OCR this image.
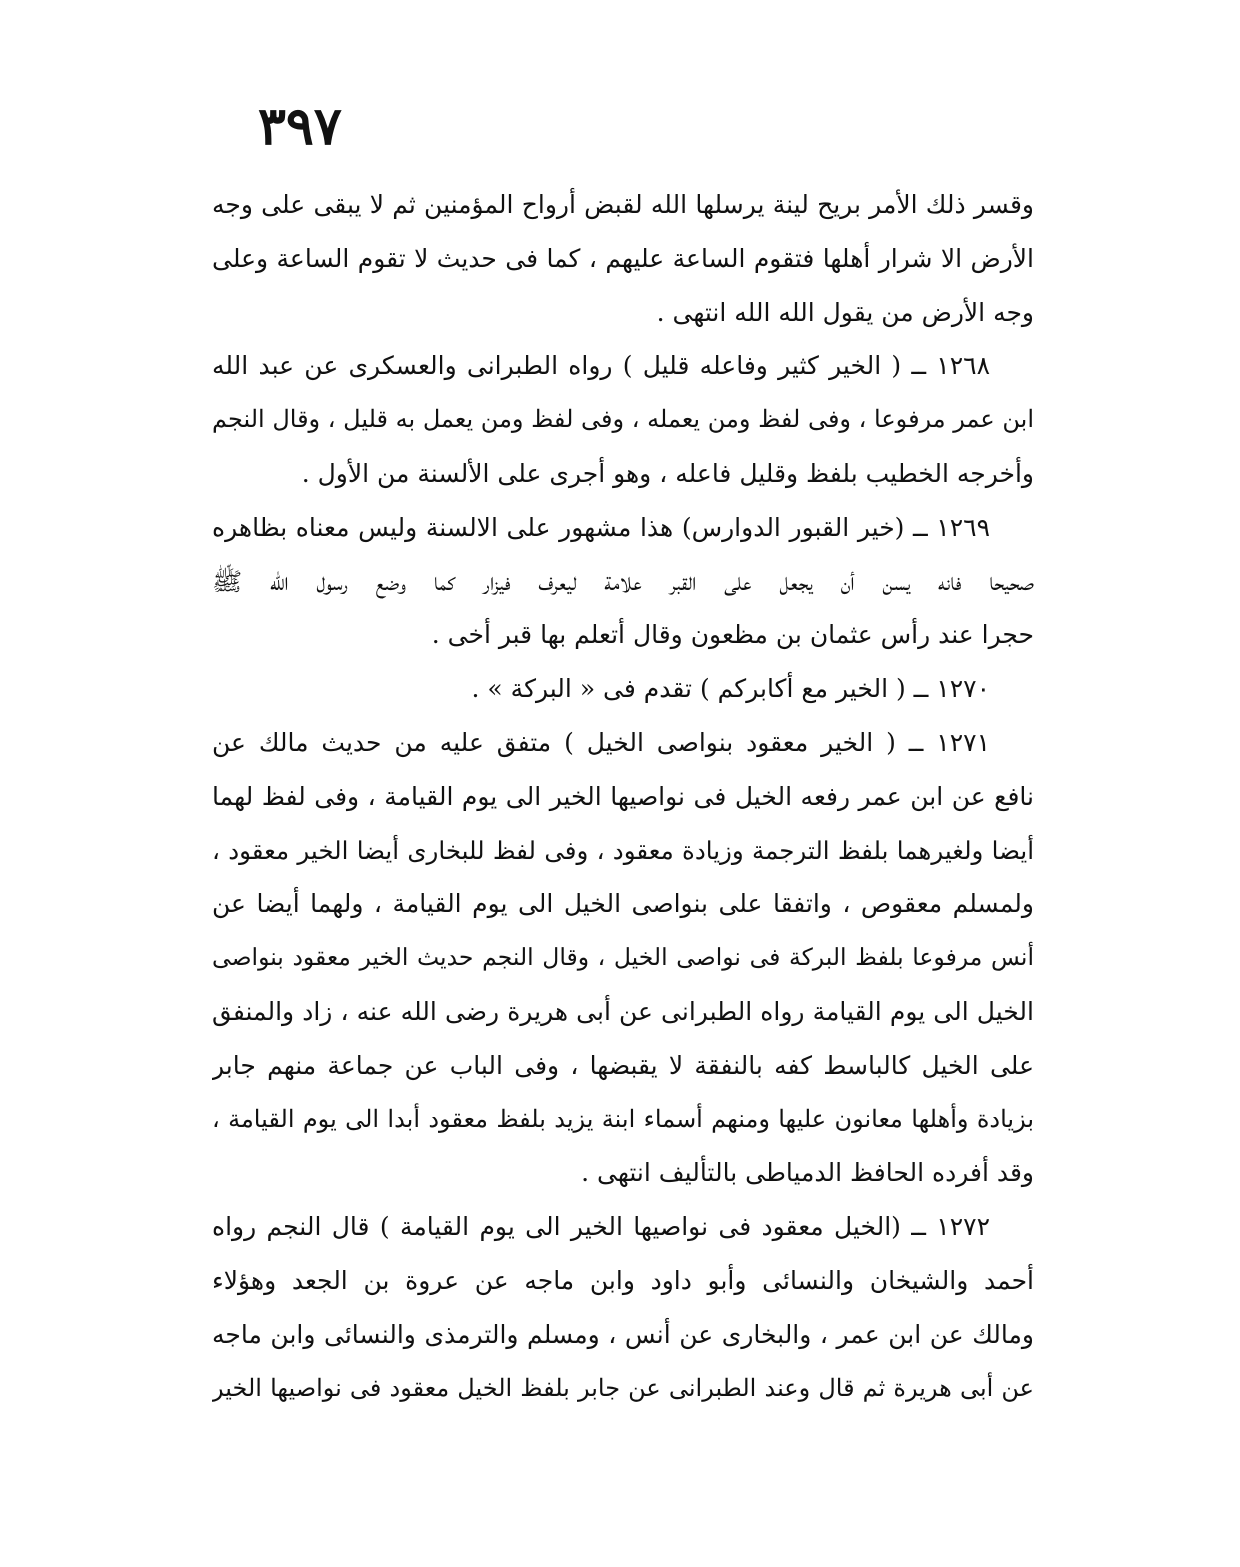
٣٩٧
وقسر ذلك الأمر بريح لينة يرسلها الله لقبض أرواح المؤمنين ثم لا يبقى على وجه
الأرض الا شرار أهلها فتقوم الساعة عليهم ، كما فى حديث لا تقوم الساعة وعلى
وجه الأرض من يقول الله الله انتهى .
١٢٦٨ ــ ( الخير كثير وفاعله قليل ) رواه الطبرانى والعسكرى عن عبد الله
ابن عمر مرفوعا ، وفى لفظ ومن يعمله ، وفى لفظ ومن يعمل به قليل ، وقال النجم
وأخرجه الخطيب بلفظ وقليل فاعله ، وهو أجرى على الألسنة من الأول .
١٢٦٩ ــ (خير القبور الدوارس) هذا مشهور على الالسنة وليس معناه بظاهره
صحيحا فانه يسن أن يجعل على القبر علامة ليعرف فيزار كما وضع رسول الله ﷺ
حجرا عند رأس عثمان بن مظعون وقال أتعلم بها قبر أخى .
١٢٧٠ ــ ( الخير مع أكابركم ) تقدم فى « البركة » .
١٢٧١ ــ ( الخير معقود بنواصى الخيل ) متفق عليه من حديث مالك عن
نافع عن ابن عمر رفعه الخيل فى نواصيها الخير الى يوم القيامة ، وفى لفظ لهما
أيضا ولغيرهما بلفظ الترجمة وزيادة معقود ، وفى لفظ للبخارى أيضا الخير معقود ،
ولمسلم معقوص ، واتفقا على بنواصى الخيل الى يوم القيامة ، ولهما أيضا عن
أنس مرفوعا بلفظ البركة فى نواصى الخيل ، وقال النجم حديث الخير معقود بنواصى
الخيل الى يوم القيامة رواه الطبرانى عن أبى هريرة رضى الله عنه ، زاد والمنفق
على الخيل كالباسط كفه بالنفقة لا يقبضها ، وفى الباب عن جماعة منهم جابر
بزيادة وأهلها معانون عليها ومنهم أسماء ابنة يزيد بلفظ معقود أبدا الى يوم القيامة ،
وقد أفرده الحافظ الدمياطى بالتأليف انتهى .
١٢٧٢ ــ (الخيل معقود فى نواصيها الخير الى يوم القيامة ) قال النجم رواه
أحمد والشيخان والنسائى وأبو داود وابن ماجه عن عروة بن الجعد وهؤلاء
ومالك عن ابن عمر ، والبخارى عن أنس ، ومسلم والترمذى والنسائى وابن ماجه
عن أبى هريرة ثم قال وعند الطبرانى عن جابر بلفظ الخيل معقود فى نواصيها الخير
